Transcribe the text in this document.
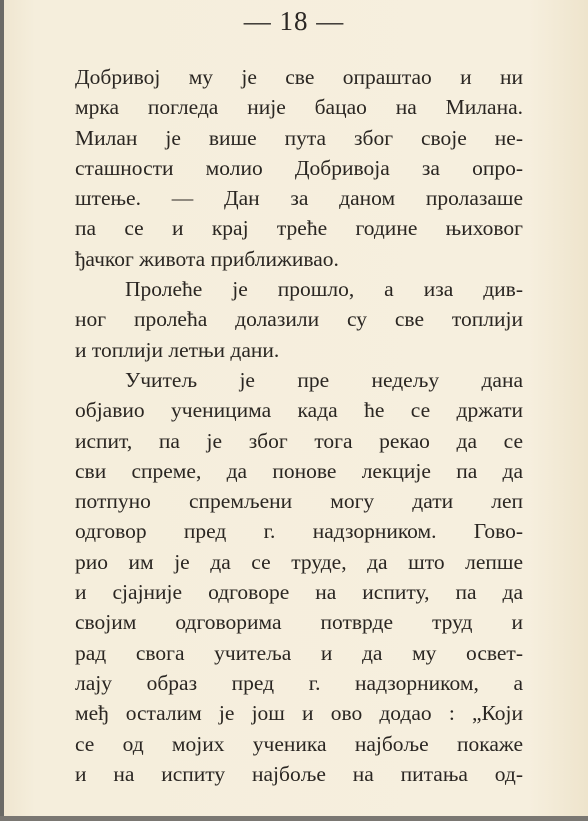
— 18 —
Добривој му је све опраштао и ни
мрка погледа није бацао на Милана.
Милан је више пута због своје не-
сташности молио Добривоја за опро-
штење. — Дан за даном пролазаше
па се и крај треће године њиховог
ђачког живота приближивао.
Пролеће је прошло, а иза див-
ног пролећа долазили су све топлији
и топлији летњи дани.
Учитељ је пре недељу дана
објавио ученицима када ће се држати
испит, па је због тога рекао да се
сви спреме, да понове лекције па да
потпуно спремљени могу дати леп
одговор пред г. надзорником. Гово-
рио им је да се труде, да што лепше
и сјајније одговоре на испиту, па да
својим одговорима потврде труд и
рад свога учитеља и да му освет-
лају образ пред г. надзорником, а
међ осталим је још и ово додао : „Који
се од мојих ученика најбоље покаже
и на испиту најбоље на питања од-
